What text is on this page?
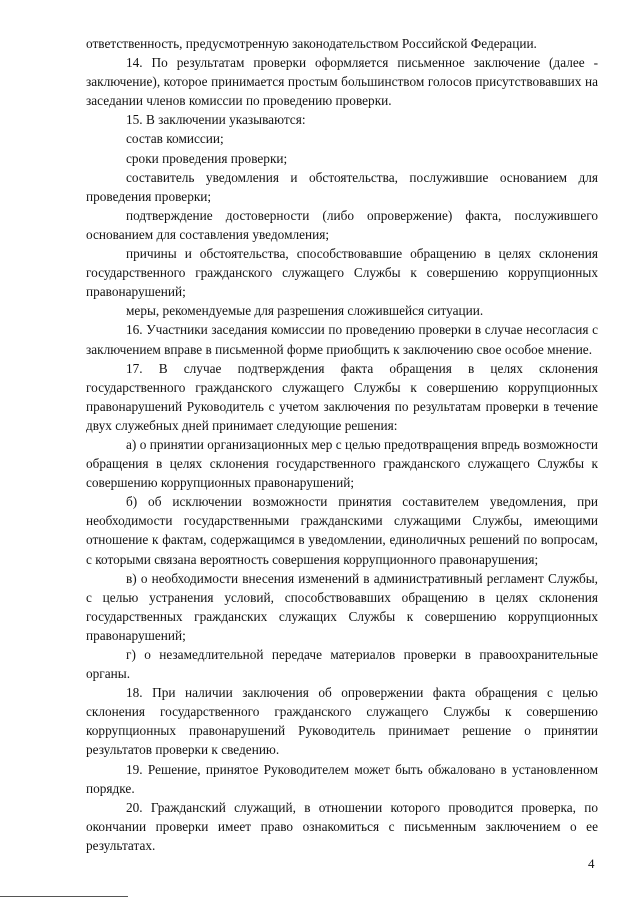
ответственность, предусмотренную законодательством Российской Федерации.

14. По результатам проверки оформляется письменное заключение (далее - заключение), которое принимается простым большинством голосов присутствовавших на заседании членов комиссии по проведению проверки.

15. В заключении указываются:

состав комиссии;

сроки проведения проверки;

составитель уведомления и обстоятельства, послужившие основанием для проведения проверки;

подтверждение достоверности (либо опровержение) факта, послужившего основанием для составления уведомления;

причины и обстоятельства, способствовавшие обращению в целях склонения государственного гражданского служащего Службы к совершению коррупционных правонарушений;

меры, рекомендуемые для разрешения сложившейся ситуации.

16. Участники заседания комиссии по проведению проверки в случае несогласия с заключением вправе в письменной форме приобщить к заключению свое особое мнение.

17. В случае подтверждения факта обращения в целях склонения государственного гражданского служащего Службы к совершению коррупционных правонарушений Руководитель с учетом заключения по результатам проверки в течение двух служебных дней принимает следующие решения:

а) о принятии организационных мер с целью предотвращения впредь возможности обращения в целях склонения государственного гражданского служащего Службы к совершению коррупционных правонарушений;

б) об исключении возможности принятия составителем уведомления, при необходимости государственными гражданскими служащими Службы, имеющими отношение к фактам, содержащимся в уведомлении, единоличных решений по вопросам, с которыми связана вероятность совершения коррупционного правонарушения;

в) о необходимости внесения изменений в административный регламент Службы, с целью устранения условий, способствовавших обращению в целях склонения государственных гражданских служащих Службы к совершению коррупционных правонарушений;

г) о незамедлительной передаче материалов проверки в правоохранительные органы.

18. При наличии заключения об опровержении факта обращения с целью склонения государственного гражданского служащего Службы к совершению коррупционных правонарушений Руководитель принимает решение о принятии результатов проверки к сведению.

19. Решение, принятое Руководителем может быть обжаловано в установленном порядке.

20. Гражданский служащий, в отношении которого проводится проверка, по окончании проверки имеет право ознакомиться с письменным заключением о ее результатах.

4
